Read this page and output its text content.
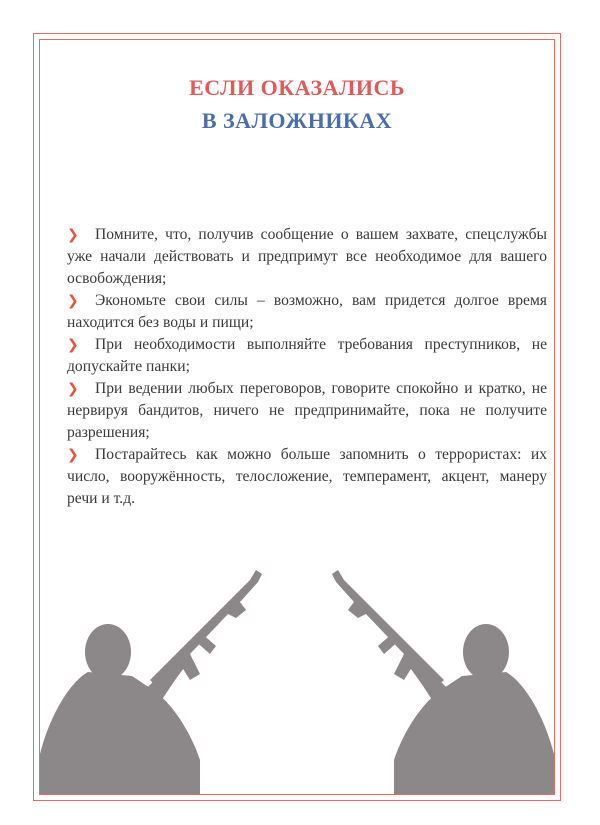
ЕСЛИ ОКАЗАЛИСЬ
В ЗАЛОЖНИКАХ

❯ Помните, что, получив сообщение о вашем захвате, спецслужбы уже начали действовать и предпримут все необходимое для вашего освобождения;

❯ Экономьте свои силы – возможно, вам придется долгое время находится без воды и пищи;

❯ При необходимости выполняйте требования преступников, не допускайте панки;

❯ При ведении любых переговоров, говорите спокойно и кратко, не нервируя бандитов, ничего не предпринимайте, пока не получите разрешения;

❯ Постарайтесь как можно больше запомнить о террористах: их число, вооружённость, телосложение, темперамент, акцент, манеру речи и т.д.
